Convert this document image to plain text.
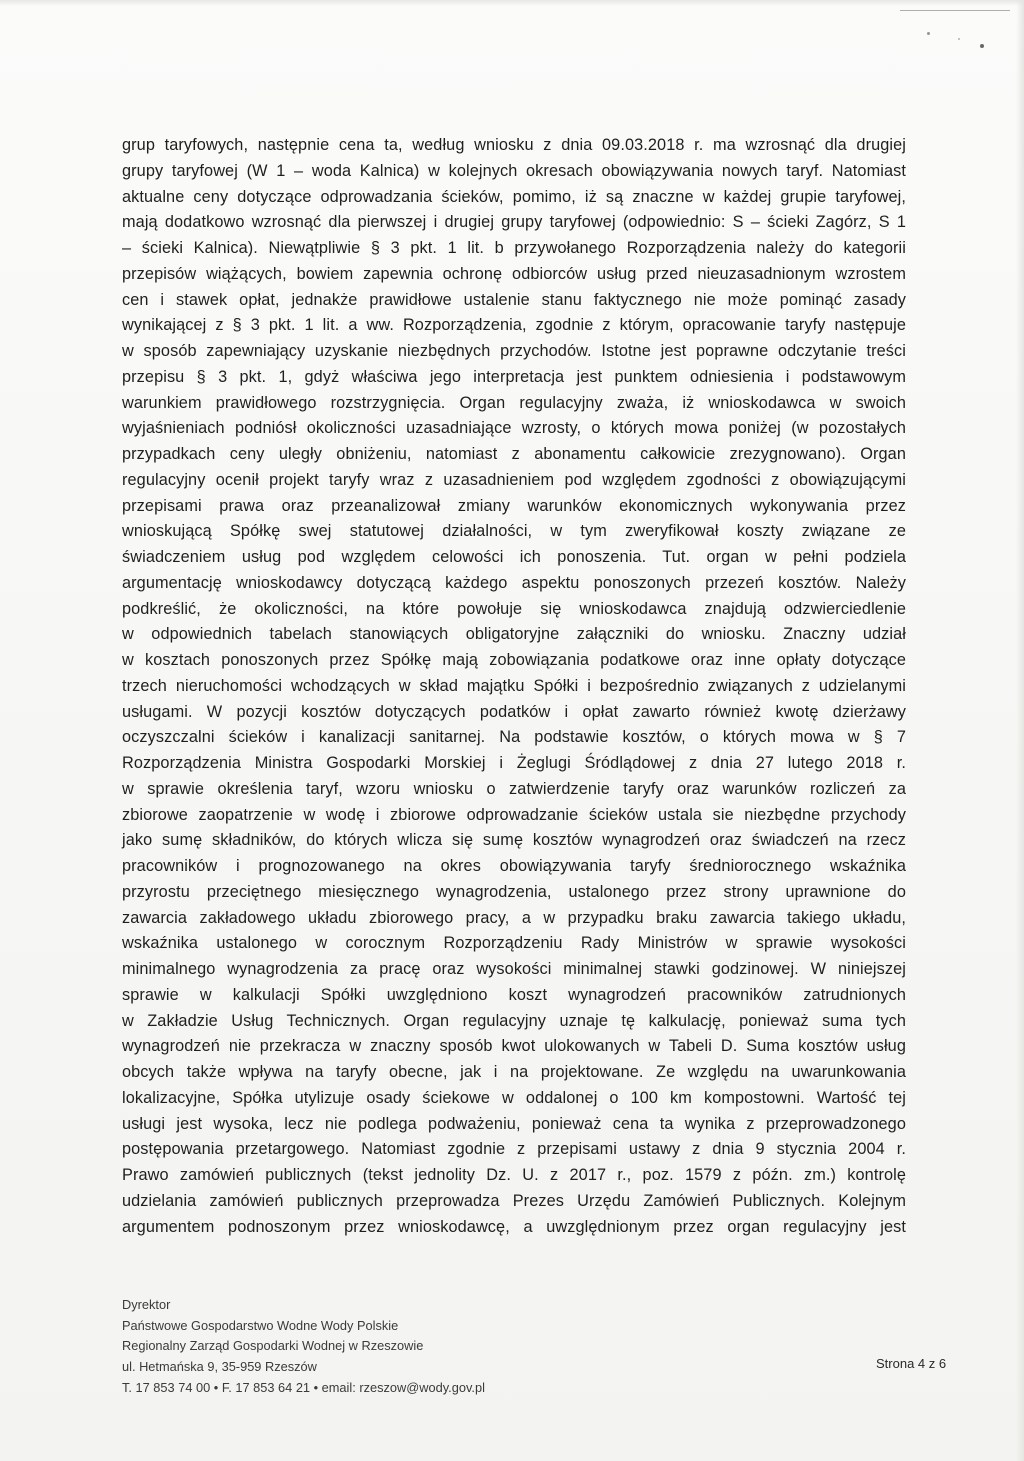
grup taryfowych, następnie cena ta, według wniosku z dnia 09.03.2018 r. ma wzrosnąć dla drugiej
grupy taryfowej (W 1 – woda Kalnica) w kolejnych okresach obowiązywania nowych taryf. Natomiast
aktualne ceny dotyczące odprowadzania ścieków, pomimo, iż są znaczne w każdej grupie taryfowej,
mają dodatkowo wzrosnąć dla pierwszej i drugiej grupy taryfowej (odpowiednio: S – ścieki Zagórz, S 1
– ścieki Kalnica). Niewątpliwie § 3 pkt. 1 lit. b przywołanego Rozporządzenia należy do kategorii
przepisów wiążących, bowiem zapewnia ochronę odbiorców usług przed nieuzasadnionym wzrostem
cen i stawek opłat, jednakże prawidłowe ustalenie stanu faktycznego nie może pominąć zasady
wynikającej z § 3 pkt. 1 lit. a ww. Rozporządzenia, zgodnie z którym, opracowanie taryfy następuje
w sposób zapewniający uzyskanie niezbędnych przychodów. Istotne jest poprawne odczytanie treści
przepisu § 3 pkt. 1, gdyż właściwa jego interpretacja jest punktem odniesienia i podstawowym
warunkiem prawidłowego rozstrzygnięcia. Organ regulacyjny zważa, iż wnioskodawca w swoich
wyjaśnieniach podniósł okoliczności uzasadniające wzrosty, o których mowa poniżej (w pozostałych
przypadkach ceny uległy obniżeniu, natomiast z abonamentu całkowicie zrezygnowano). Organ
regulacyjny ocenił projekt taryfy wraz z uzasadnieniem pod względem zgodności z obowiązującymi
przepisami prawa oraz przeanalizował zmiany warunków ekonomicznych wykonywania przez
wnioskującą Spółkę swej statutowej działalności, w tym zweryfikował koszty związane ze
świadczeniem usług pod względem celowości ich ponoszenia. Tut. organ w pełni podziela
argumentację wnioskodawcy dotyczącą każdego aspektu ponoszonych przezeń kosztów. Należy
podkreślić, że okoliczności, na które powołuje się wnioskodawca znajdują odzwierciedlenie
w odpowiednich tabelach stanowiących obligatoryjne załączniki do wniosku. Znaczny udział
w kosztach ponoszonych przez Spółkę mają zobowiązania podatkowe oraz inne opłaty dotyczące
trzech nieruchomości wchodzących w skład majątku Spółki i bezpośrednio związanych z udzielanymi
usługami. W pozycji kosztów dotyczących podatków i opłat zawarto również kwotę dzierżawy
oczyszczalni ścieków i kanalizacji sanitarnej. Na podstawie kosztów, o których mowa w § 7
Rozporządzenia Ministra Gospodarki Morskiej i Żeglugi Śródlądowej z dnia 27 lutego 2018 r.
w sprawie określenia taryf, wzoru wniosku o zatwierdzenie taryfy oraz warunków rozliczeń za
zbiorowe zaopatrzenie w wodę i zbiorowe odprowadzanie ścieków ustala sie niezbędne przychody
jako sumę składników, do których wlicza się sumę kosztów wynagrodzeń oraz świadczeń na rzecz
pracowników i prognozowanego na okres obowiązywania taryfy średniorocznego wskaźnika
przyrostu przeciętnego miesięcznego wynagrodzenia, ustalonego przez strony uprawnione do
zawarcia zakładowego układu zbiorowego pracy, a w przypadku braku zawarcia takiego układu,
wskaźnika ustalonego w corocznym Rozporządzeniu Rady Ministrów w sprawie wysokości
minimalnego wynagrodzenia za pracę oraz wysokości minimalnej stawki godzinowej. W niniejszej
sprawie w kalkulacji Spółki uwzględniono koszt wynagrodzeń pracowników zatrudnionych
w Zakładzie Usług Technicznych. Organ regulacyjny uznaje tę kalkulację, ponieważ suma tych
wynagrodzeń nie przekracza w znaczny sposób kwot ulokowanych w Tabeli D. Suma kosztów usług
obcych także wpływa na taryfy obecne, jak i na projektowane. Ze względu na uwarunkowania
lokalizacyjne, Spółka utylizuje osady ściekowe w oddalonej o 100 km kompostowni. Wartość tej
usługi jest wysoka, lecz nie podlega podważeniu, ponieważ cena ta wynika z przeprowadzonego
postępowania przetargowego. Natomiast zgodnie z przepisami ustawy z dnia 9 stycznia 2004 r.
Prawo zamówień publicznych (tekst jednolity Dz. U. z 2017 r., poz. 1579 z późn. zm.) kontrolę
udzielania zamówień publicznych przeprowadza Prezes Urzędu Zamówień Publicznych. Kolejnym
argumentem podnoszonym przez wnioskodawcę, a uwzględnionym przez organ regulacyjny jest
Dyrektor
Państwowe Gospodarstwo Wodne Wody Polskie
Regionalny Zarząd Gospodarki Wodnej w Rzeszowie
ul. Hetmańska 9, 35-959 Rzeszów
T. 17 853 74 00 • F. 17 853 64 21 • email: rzeszow@wody.gov.pl
Strona 4 z 6
